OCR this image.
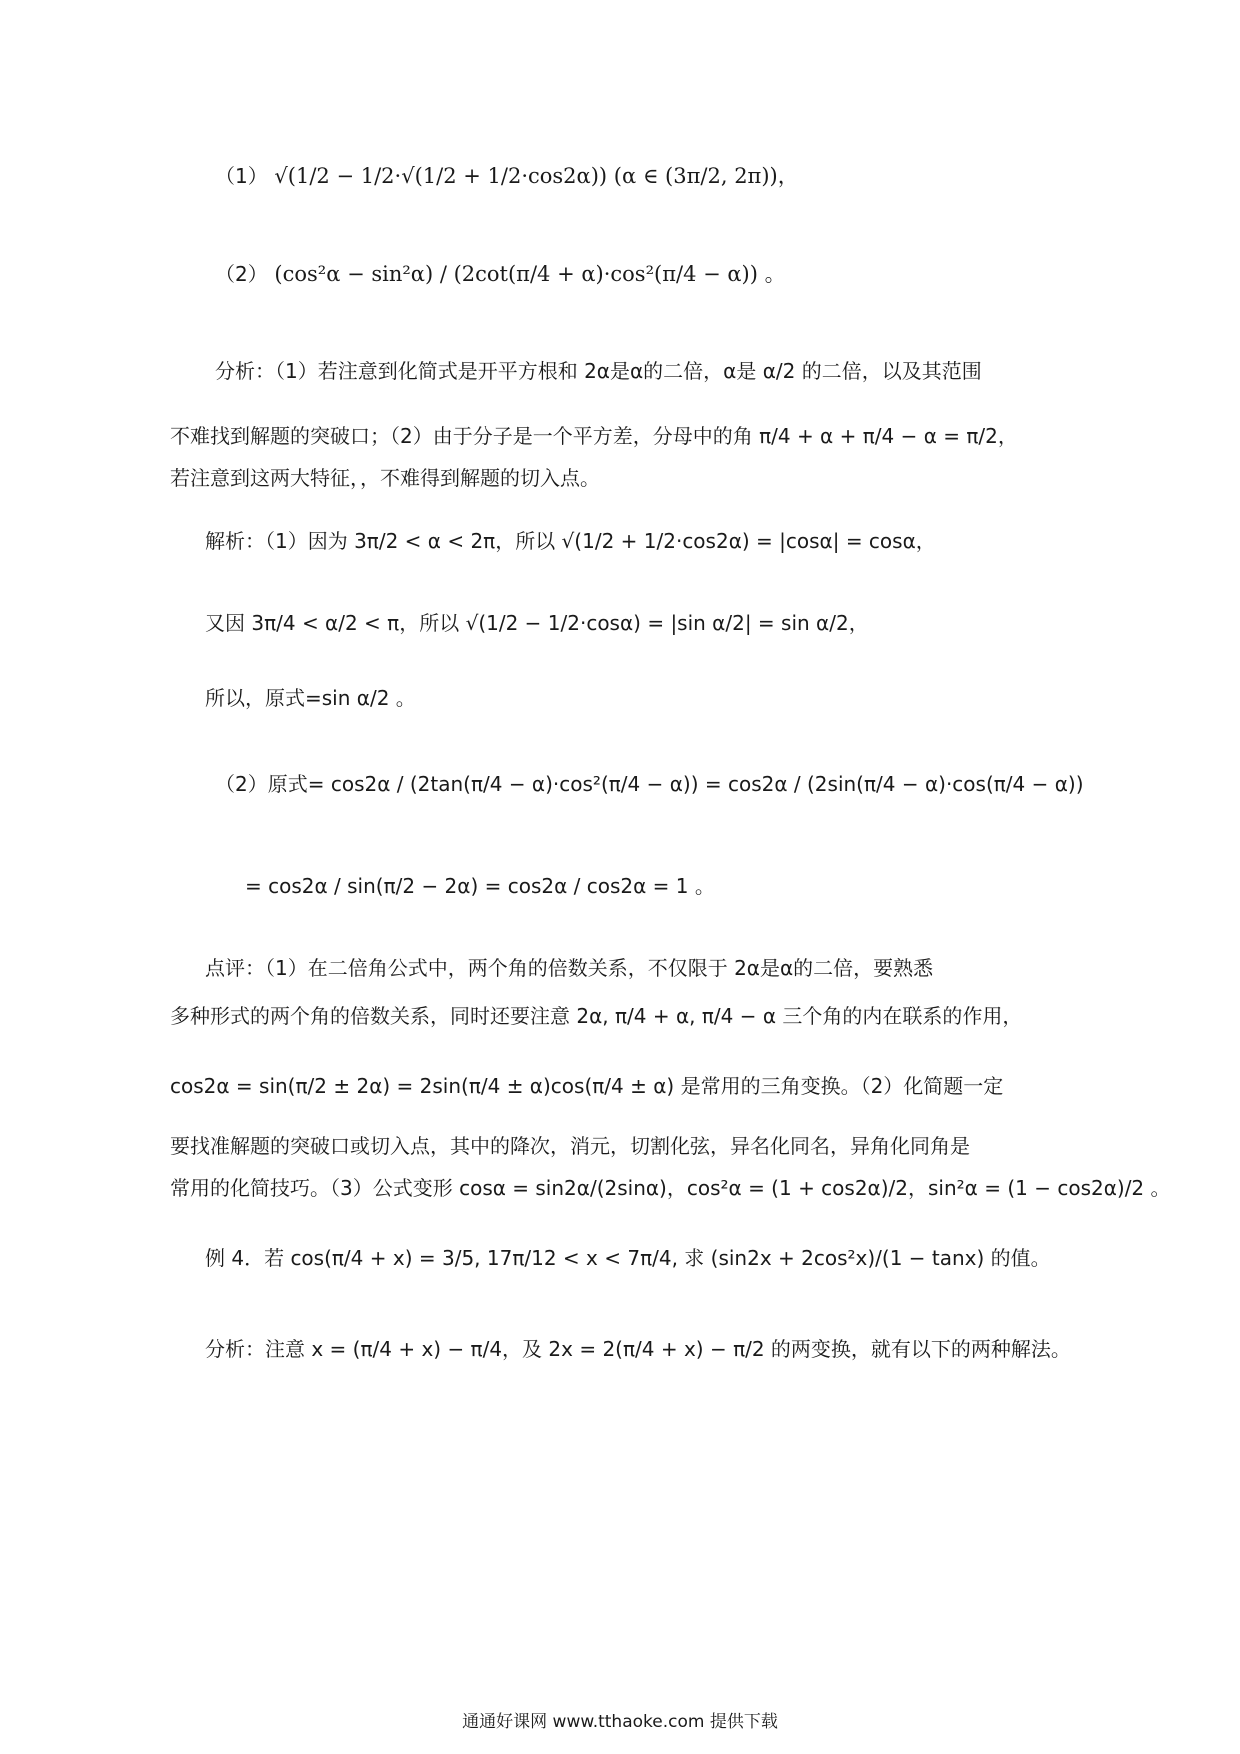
（1） √(1/2 − 1/2·√(1/2 + 1/2·cos2α)) (α ∈ (3π/2, 2π))，
（2） (cos²α − sin²α) / (2cot(π/4 + α)·cos²(π/4 − α)) 。
分析：（1）若注意到化简式是开平方根和 2α是α的二倍，α是 α/2 的二倍，以及其范围
不难找到解题的突破口；（2）由于分子是一个平方差，分母中的角 π/4 + α + π/4 − α = π/2，
若注意到这两大特征，，不难得到解题的切入点。
解析：（1）因为 3π/2 < α < 2π，所以 √(1/2 + 1/2·cos2α) = |cosα| = cosα，
又因 3π/4 < α/2 < π，所以 √(1/2 − 1/2·cosα) = |sin α/2| = sin α/2，
所以，原式=sin α/2 。
（2）原式= cos2α / (2tan(π/4 − α)·cos²(π/4 − α)) = cos2α / (2sin(π/4 − α)·cos(π/4 − α))
= cos2α / sin(π/2 − 2α) = cos2α / cos2α = 1 。
点评：（1）在二倍角公式中，两个角的倍数关系，不仅限于 2α是α的二倍，要熟悉
多种形式的两个角的倍数关系，同时还要注意 2α, π/4 + α, π/4 − α 三个角的内在联系的作用，
cos2α = sin(π/2 ± 2α) = 2sin(π/4 ± α)cos(π/4 ± α) 是常用的三角变换。（2）化简题一定
要找准解题的突破口或切入点，其中的降次，消元，切割化弦，异名化同名，异角化同角是
常用的化简技巧。（3）公式变形 cosα = sin2α/(2sinα)，cos²α = (1 + cos2α)/2，sin²α = (1 − cos2α)/2 。
例 4．若 cos(π/4 + x) = 3/5, 17π/12 < x < 7π/4, 求 (sin2x + 2cos²x)/(1 − tanx) 的值。
分析：注意 x = (π/4 + x) − π/4，及 2x = 2(π/4 + x) − π/2 的两变换，就有以下的两种解法。
通通好课网 www.tthaoke.com 提供下载
